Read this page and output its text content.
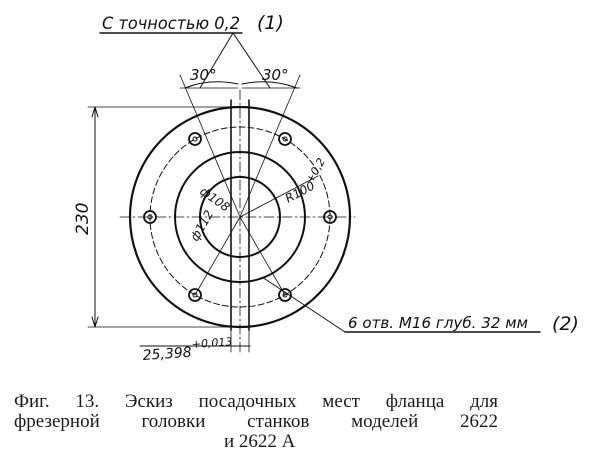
С точностью 0,2 (1)
30°	30°
230
ф108
ф112
R100
+0,2
25,398
+0,013
6 отв. М16 глуб. 32 мм (2)
Фиг. 13. Эскиз посадочных мест фланца для
фрезерной головки станков моделей 2622
и 2622 А
